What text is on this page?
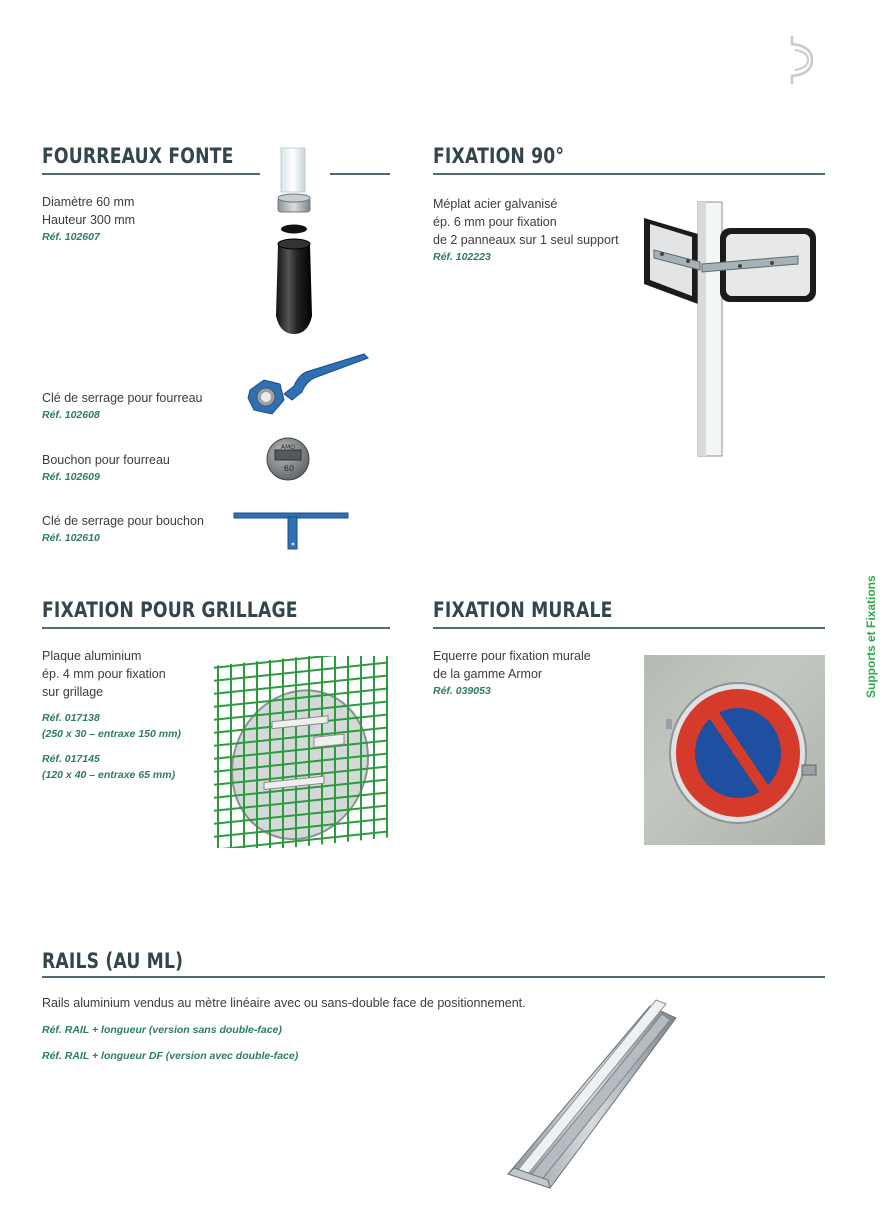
Supports et Fixations
FOURREAUX FONTE
Diamètre 60 mm
Hauteur 300 mm
Réf. 102607
Clé de serrage pour fourreau
Réf. 102608
Bouchon pour fourreau
Réf. 102609
AMO
60
Clé de serrage pour bouchon
Réf. 102610
FIXATION 90°
Méplat acier galvanisé
ép. 6 mm pour fixation
de 2 panneaux sur 1 seul support
Réf. 102223
FIXATION POUR GRILLAGE
Plaque aluminium
ép. 4 mm pour fixation
sur grillage
Réf. 017138
(250 x 30 – entraxe 150 mm)
Réf. 017145
(120 x 40 – entraxe 65 mm)
FIXATION MURALE
Equerre pour fixation murale
de la gamme Armor
Réf. 039053
RAILS (AU ML)
Rails aluminium vendus au mètre linéaire avec ou sans-double face de positionnement.
Réf. RAIL + longueur (version sans double-face)
Réf. RAIL + longueur DF (version avec double-face)
